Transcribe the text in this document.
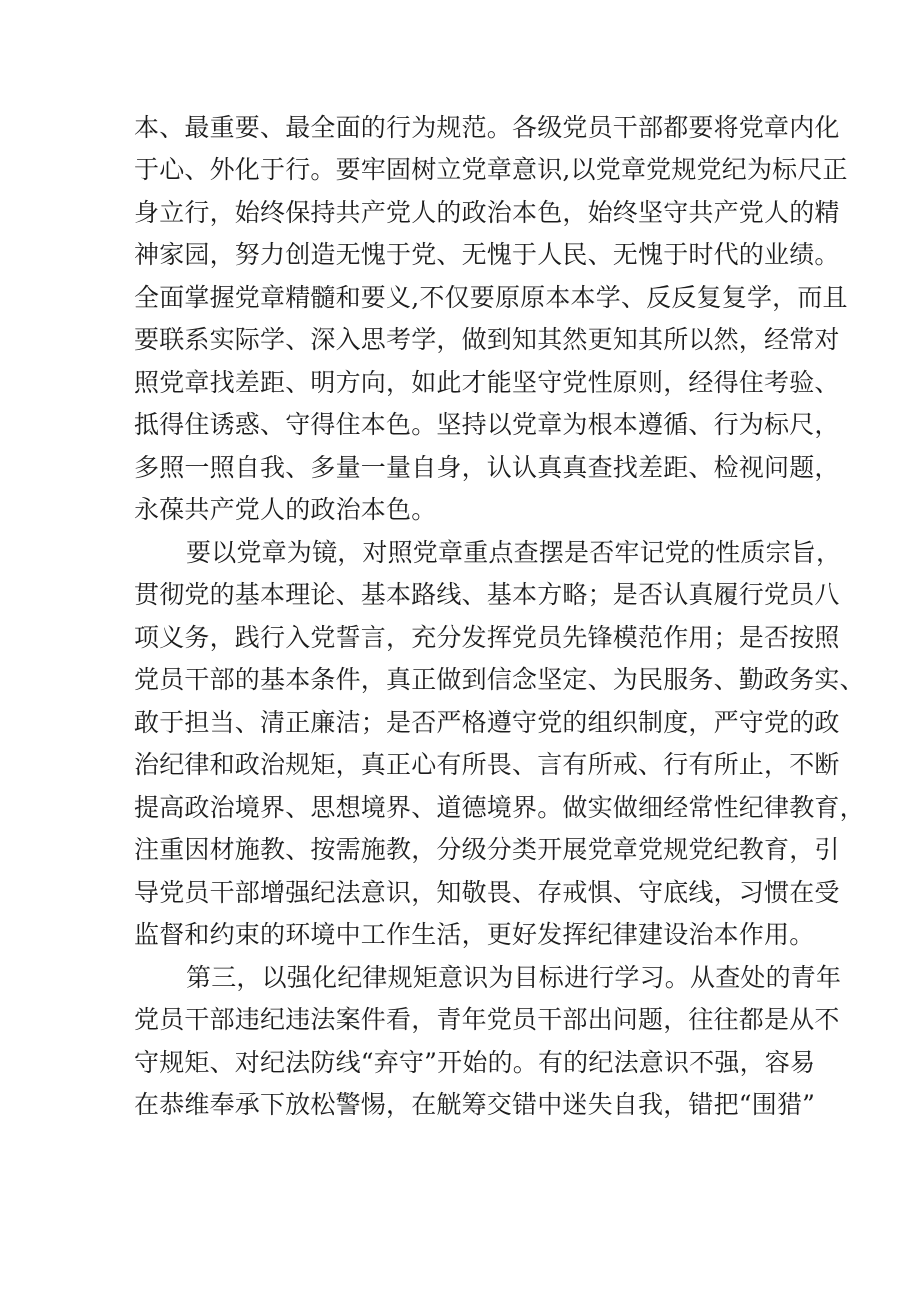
本、最重要、最全面的行为规范。各级党员干部都要将党章内化

于心、外化于行。要牢固树立党章意识,以党章党规党纪为标尺正

身立行，始终保持共产党人的政治本色，始终坚守共产党人的精

神家园，努力创造无愧于党、无愧于人民、无愧于时代的业绩。

全面掌握党章精髓和要义,不仅要原原本本学、反反复复学，而且

要联系实际学、深入思考学，做到知其然更知其所以然，经常对

照党章找差距、明方向，如此才能坚守党性原则，经得住考验、

抵得住诱惑、守得住本色。坚持以党章为根本遵循、行为标尺，

多照一照自我、多量一量自身，认认真真查找差距、检视问题，

永葆共产党人的政治本色。

要以党章为镜，对照党章重点查摆是否牢记党的性质宗旨，

贯彻党的基本理论、基本路线、基本方略；是否认真履行党员八

项义务，践行入党誓言，充分发挥党员先锋模范作用；是否按照

党员干部的基本条件，真正做到信念坚定、为民服务、勤政务实、

敢于担当、清正廉洁；是否严格遵守党的组织制度，严守党的政

治纪律和政治规矩，真正心有所畏、言有所戒、行有所止，不断

提高政治境界、思想境界、道德境界。做实做细经常性纪律教育，

注重因材施教、按需施教，分级分类开展党章党规党纪教育，引

导党员干部增强纪法意识，知敬畏、存戒惧、守底线，习惯在受

监督和约束的环境中工作生活，更好发挥纪律建设治本作用。

第三，以强化纪律规矩意识为目标进行学习。从查处的青年

党员干部违纪违法案件看，青年党员干部出问题，往往都是从不

守规矩、对纪法防线“弃守”开始的。有的纪法意识不强，容易

在恭维奉承下放松警惕，在觥筹交错中迷失自我，错把“围猎”
